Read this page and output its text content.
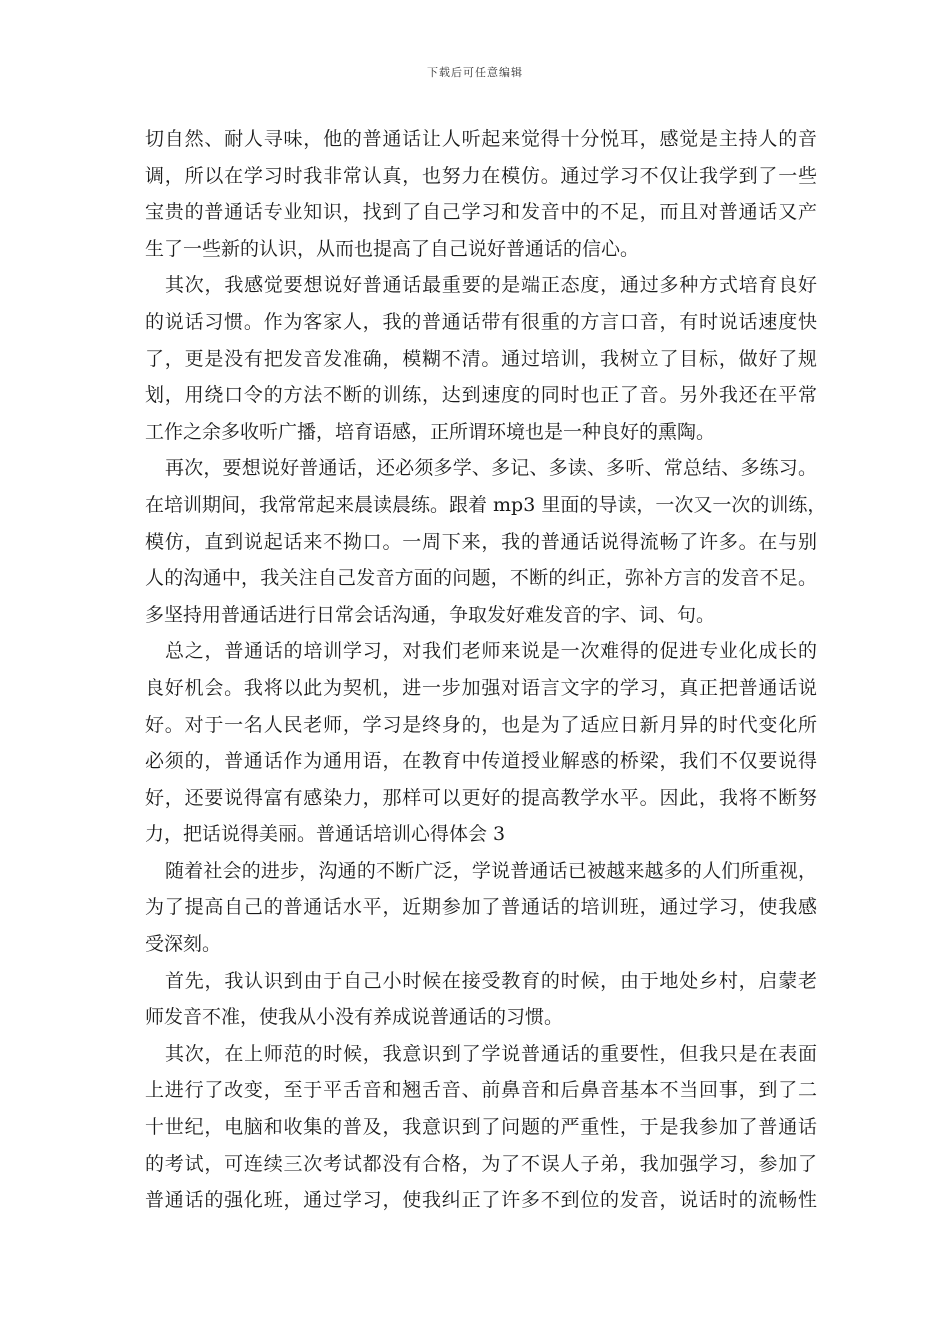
下载后可任意编辑
切自然、耐人寻味，他的普通话让人听起来觉得十分悦耳，感觉是主持人的音
调，所以在学习时我非常认真，也努力在模仿。通过学习不仅让我学到了一些
宝贵的普通话专业知识，找到了自己学习和发音中的不足，而且对普通话又产
生了一些新的认识，从而也提高了自己说好普通话的信心。
其次，我感觉要想说好普通话最重要的是端正态度，通过多种方式培育良好
的说话习惯。作为客家人，我的普通话带有很重的方言口音，有时说话速度快
了，更是没有把发音发准确，模糊不清。通过培训，我树立了目标，做好了规
划，用绕口令的方法不断的训练，达到速度的同时也正了音。另外我还在平常
工作之余多收听广播，培育语感，正所谓环境也是一种良好的熏陶。
再次，要想说好普通话，还必须多学、多记、多读、多听、常总结、多练习。
在培训期间，我常常起来晨读晨练。跟着 mp3 里面的导读，一次又一次的训练，
模仿，直到说起话来不拗口。一周下来，我的普通话说得流畅了许多。在与别
人的沟通中，我关注自己发音方面的问题，不断的纠正，弥补方言的发音不足。
多坚持用普通话进行日常会话沟通，争取发好难发音的字、词、句。
总之，普通话的培训学习，对我们老师来说是一次难得的促进专业化成长的
良好机会。我将以此为契机，进一步加强对语言文字的学习，真正把普通话说
好。对于一名人民老师，学习是终身的，也是为了适应日新月异的时代变化所
必须的，普通话作为通用语，在教育中传道授业解惑的桥梁，我们不仅要说得
好，还要说得富有感染力，那样可以更好的提高教学水平。因此，我将不断努
力，把话说得美丽。普通话培训心得体会 3
随着社会的进步，沟通的不断广泛，学说普通话已被越来越多的人们所重视，
为了提高自己的普通话水平，近期参加了普通话的培训班，通过学习，使我感
受深刻。
首先，我认识到由于自己小时候在接受教育的时候，由于地处乡村，启蒙老
师发音不准，使我从小没有养成说普通话的习惯。
其次，在上师范的时候，我意识到了学说普通话的重要性，但我只是在表面
上进行了改变，至于平舌音和翘舌音、前鼻音和后鼻音基本不当回事，到了二
十世纪，电脑和收集的普及，我意识到了问题的严重性，于是我参加了普通话
的考试，可连续三次考试都没有合格，为了不误人子弟，我加强学习，参加了
普通话的强化班，通过学习，使我纠正了许多不到位的发音，说话时的流畅性
